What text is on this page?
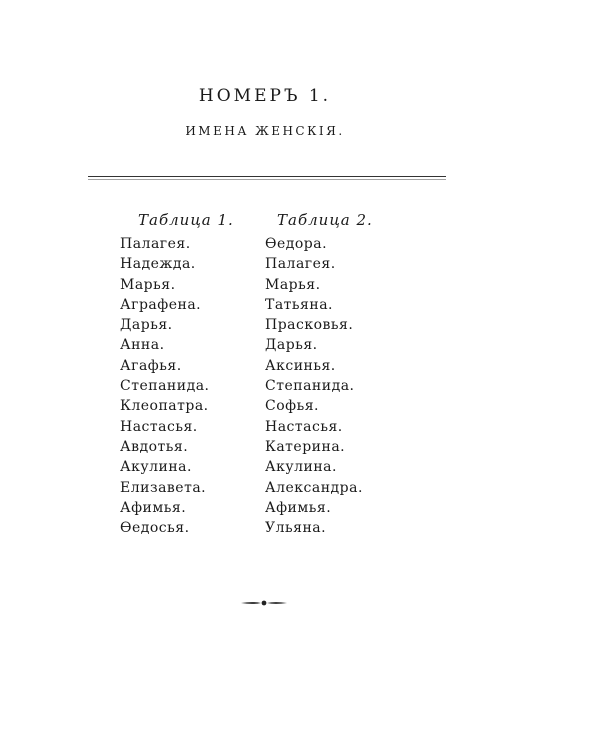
НОМЕРЪ 1.
ИМЕНА ЖЕНСКІЯ.
Таблица 1.
Палагея.
Надежда.
Марья.
Аграфена.
Дарья.
Анна.
Агафья.
Степанида.
Клеопатра.
Настасья.
Авдотья.
Акулина.
Елизавета.
Афимья.
Ѳедосья.
Таблица 2.
Ѳедора.
Палагея.
Марья.
Татьяна.
Прасковья.
Дарья.
Аксинья.
Степанида.
Софья.
Настасья.
Катерина.
Акулина.
Александра.
Афимья.
Ульяна.
